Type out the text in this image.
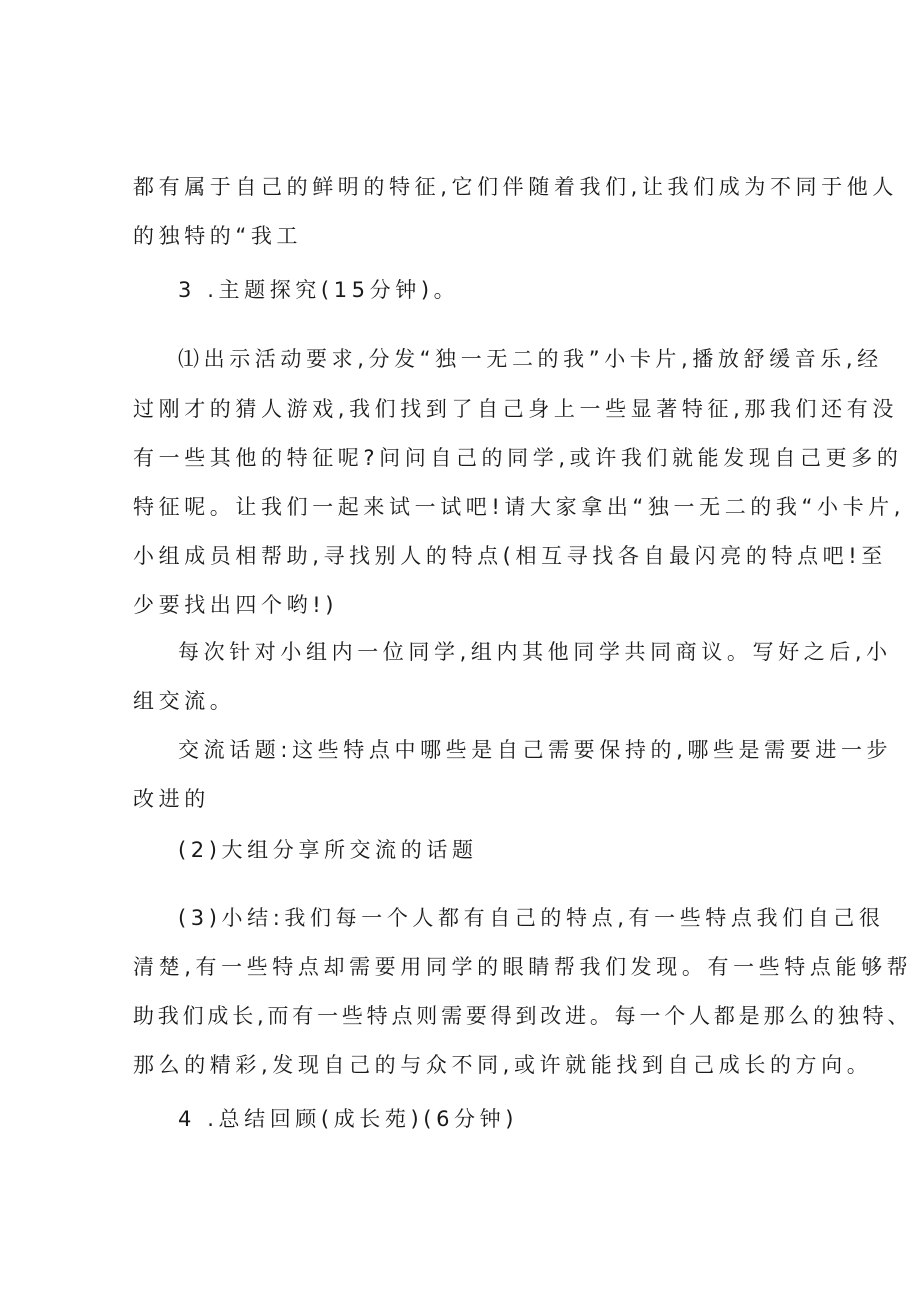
都有属于自己的鲜明的特征,它们伴随着我们,让我们成为不同于他人
的独特的“我工
3 .主题探究(15分钟)。
⑴出示活动要求,分发“独一无二的我”小卡片,播放舒缓音乐,经
过刚才的猜人游戏,我们找到了自己身上一些显著特征,那我们还有没
有一些其他的特征呢?问问自己的同学,或许我们就能发现自己更多的
特征呢。让我们一起来试一试吧!请大家拿出“独一无二的我“小卡片,
小组成员相帮助,寻找别人的特点(相互寻找各自最闪亮的特点吧!至
少要找出四个哟!)
每次针对小组内一位同学,组内其他同学共同商议。写好之后,小
组交流。
交流话题:这些特点中哪些是自己需要保持的,哪些是需要进一步
改进的
(2)大组分享所交流的话题
(3)小结:我们每一个人都有自己的特点,有一些特点我们自己很
清楚,有一些特点却需要用同学的眼睛帮我们发现。有一些特点能够帮
助我们成长,而有一些特点则需要得到改进。每一个人都是那么的独特、
那么的精彩,发现自己的与众不同,或许就能找到自己成长的方向。
4 .总结回顾(成长苑)(6分钟)
